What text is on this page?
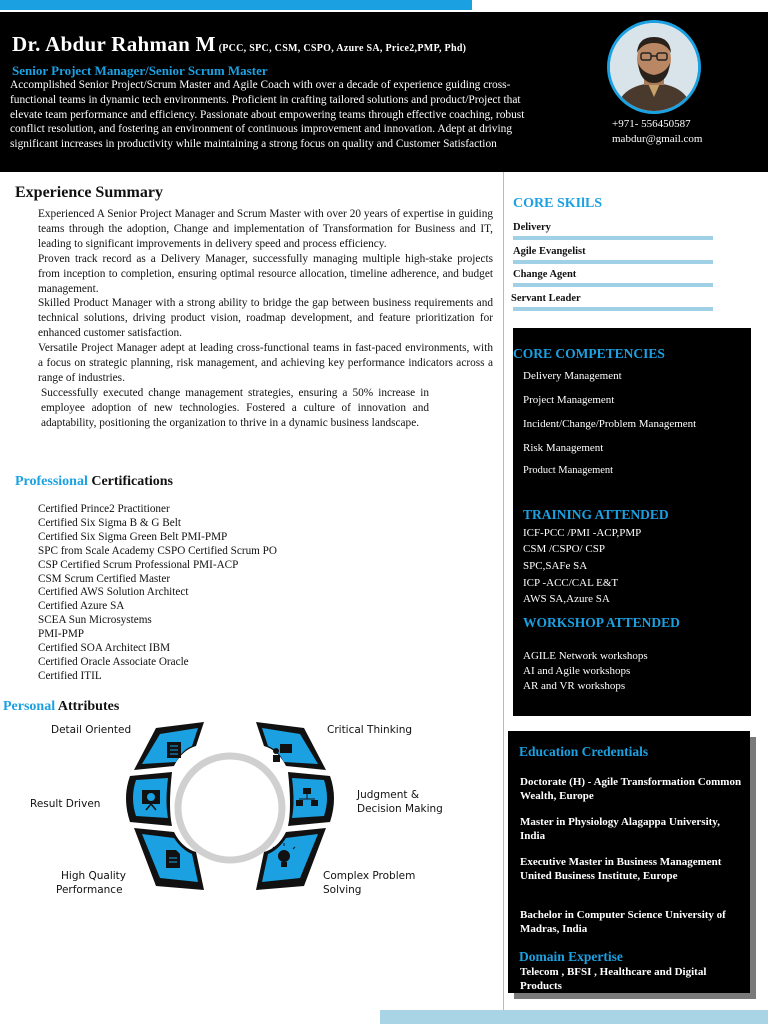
Dr. Abdur Rahman M (PCC, SPC, CSM, CSPO, Azure SA, Price2,PMP, Phd)
Senior Project Manager/Senior Scrum Master
Accomplished Senior Project/Scrum Master and Agile Coach with over a decade of experience guiding cross-functional teams in dynamic tech environments. Proficient in crafting tailored solutions and product/Project that elevate team performance and efficiency. Passionate about empowering teams through effective coaching, robust conflict resolution, and fostering an environment of continuous improvement and innovation. Adept at driving significant increases in productivity while maintaining a strong focus on quality and Customer Satisfaction
+971- 556450587
mabdur@gmail.com
Experience Summary

Experienced A Senior Project Manager and Scrum Master with over 20 years of expertise in guiding teams through the adoption, Change and implementation of Transformation for Business and IT, leading to significant improvements in delivery speed and process efficiency.

Proven track record as a Delivery Manager, successfully managing multiple high-stake projects from inception to completion, ensuring optimal resource allocation, timeline adherence, and budget management.

Skilled Product Manager with a strong ability to bridge the gap between business requirements and technical solutions, driving product vision, roadmap development, and feature prioritization for enhanced customer satisfaction.

Versatile Project Manager adept at leading cross-functional teams in fast-paced environments, with a focus on strategic planning, risk management, and achieving key performance indicators across a range of industries.

Successfully executed change management strategies, ensuring a 50% increase in employee adoption of new technologies. Fostered a culture of innovation and adaptability, positioning the organization to thrive in a dynamic business landscape.

Professional Certifications
Certified Prince2 Practitioner
Certified Six Sigma B & G Belt
Certified Six Sigma Green Belt PMI-PMP
SPC from Scale Academy CSPO Certified Scrum PO
CSP Certified Scrum Professional PMI-ACP
CSM Scrum Certified Master
Certified AWS Solution Architect
Certified Azure SA
SCEA Sun Microsystems
PMI-PMP
Certified SOA Architect IBM
Certified Oracle Associate Oracle
Certified ITIL
Personal Attributes
Detail Oriented
Result Driven
High Quality
Performance
Critical Thinking
Judgment &
Decision Making
Complex Problem
Solving
CORE SKIlLS
Delivery
Agile Evangelist
Change Agent
Servant Leader
CORE COMPETENCIES
Delivery Management
Project Management
Incident/Change/Problem Management
Risk Management
Product Management
TRAINING ATTENDED
ICF-PCC /PMI -ACP,PMP
CSM /CSPO/ CSP
SPC,SAFe SA
ICP -ACC/CAL E&T
AWS SA,Azure SA
WORKSHOP ATTENDED
AGILE Network workshops
AI and Agile workshops
AR and VR workshops
Education Credentials
Doctorate (H) - Agile Transformation Common Wealth, Europe
Master in Physiology Alagappa University, India
Executive Master in Business Management United Business Institute, Europe
Bachelor in Computer Science University of Madras, India
Domain Expertise
Telecom , BFSI , Healthcare and Digital Products
